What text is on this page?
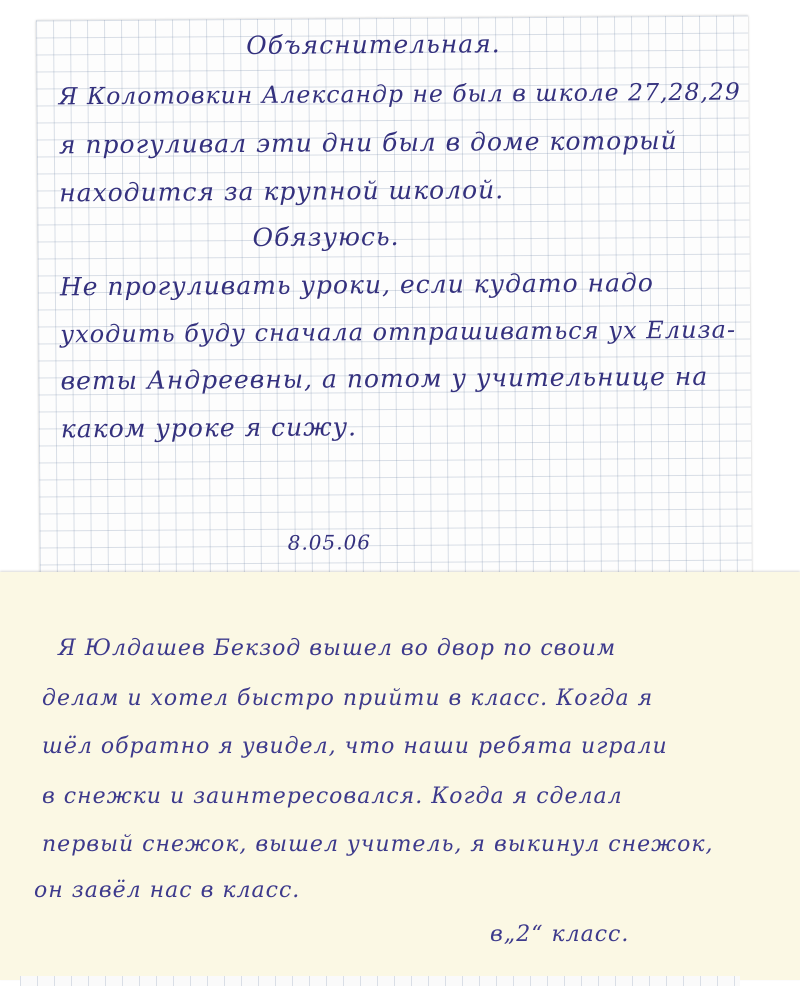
Объяснительная.
Я Колотовкин Александр не был в школе 27,28,29
я прогуливал эти дни был в доме который
находится за крупной школой.
Обязуюсь.
Не прогуливать уроки, если кудато надо
уходить буду сначала отпрашиваться ух Елиза-
веты Андреевны, а потом у учительнице на
каком уроке я сижу.
8.05.06
Я Юлдашев Бекзод вышел во двор по своим
делам и хотел быстро прийти в класс. Когда я
шёл обратно я увидел, что наши ребята играли
в снежки и заинтересовался. Когда я сделал
первый снежок, вышел учитель, я выкинул снежок,
он завёл нас в класс.
в„2“ класс.
